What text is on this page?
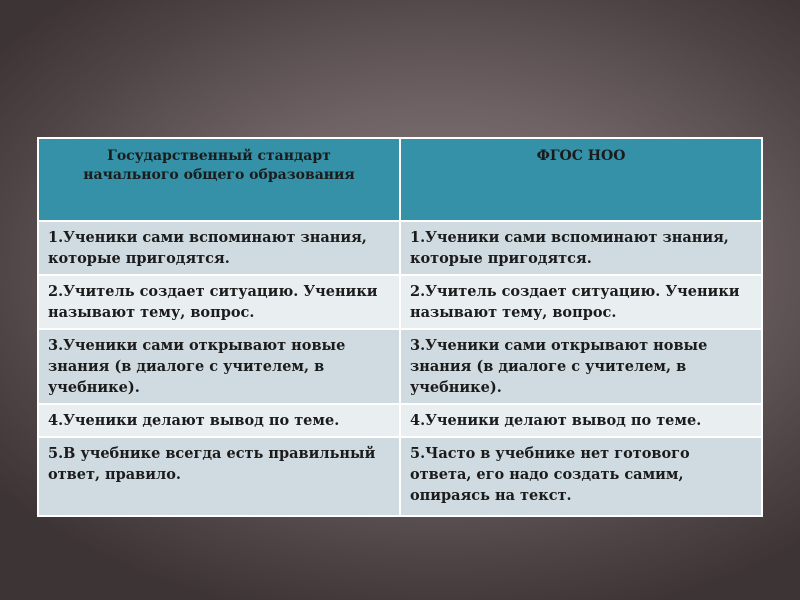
Государственный стандарт начального общего образования	ФГОС НОО

1.Ученики сами вспоминают знания, которые пригодятся.	1.Ученики сами вспоминают знания, которые пригодятся.
2.Учитель создает ситуацию. Ученики называют тему, вопрос.	2.Учитель создает ситуацию. Ученики называют тему, вопрос.
3.Ученики сами открывают новые знания (в диалоге с учителем, в учебнике).	3.Ученики сами открывают новые знания (в диалоге с учителем, в учебнике).
4.Ученики делают вывод по теме.	4.Ученики делают вывод по теме.
5.В учебнике всегда есть правильный ответ, правило.	5.Часто в учебнике нет готового ответа, его надо создать самим, опираясь на текст.
